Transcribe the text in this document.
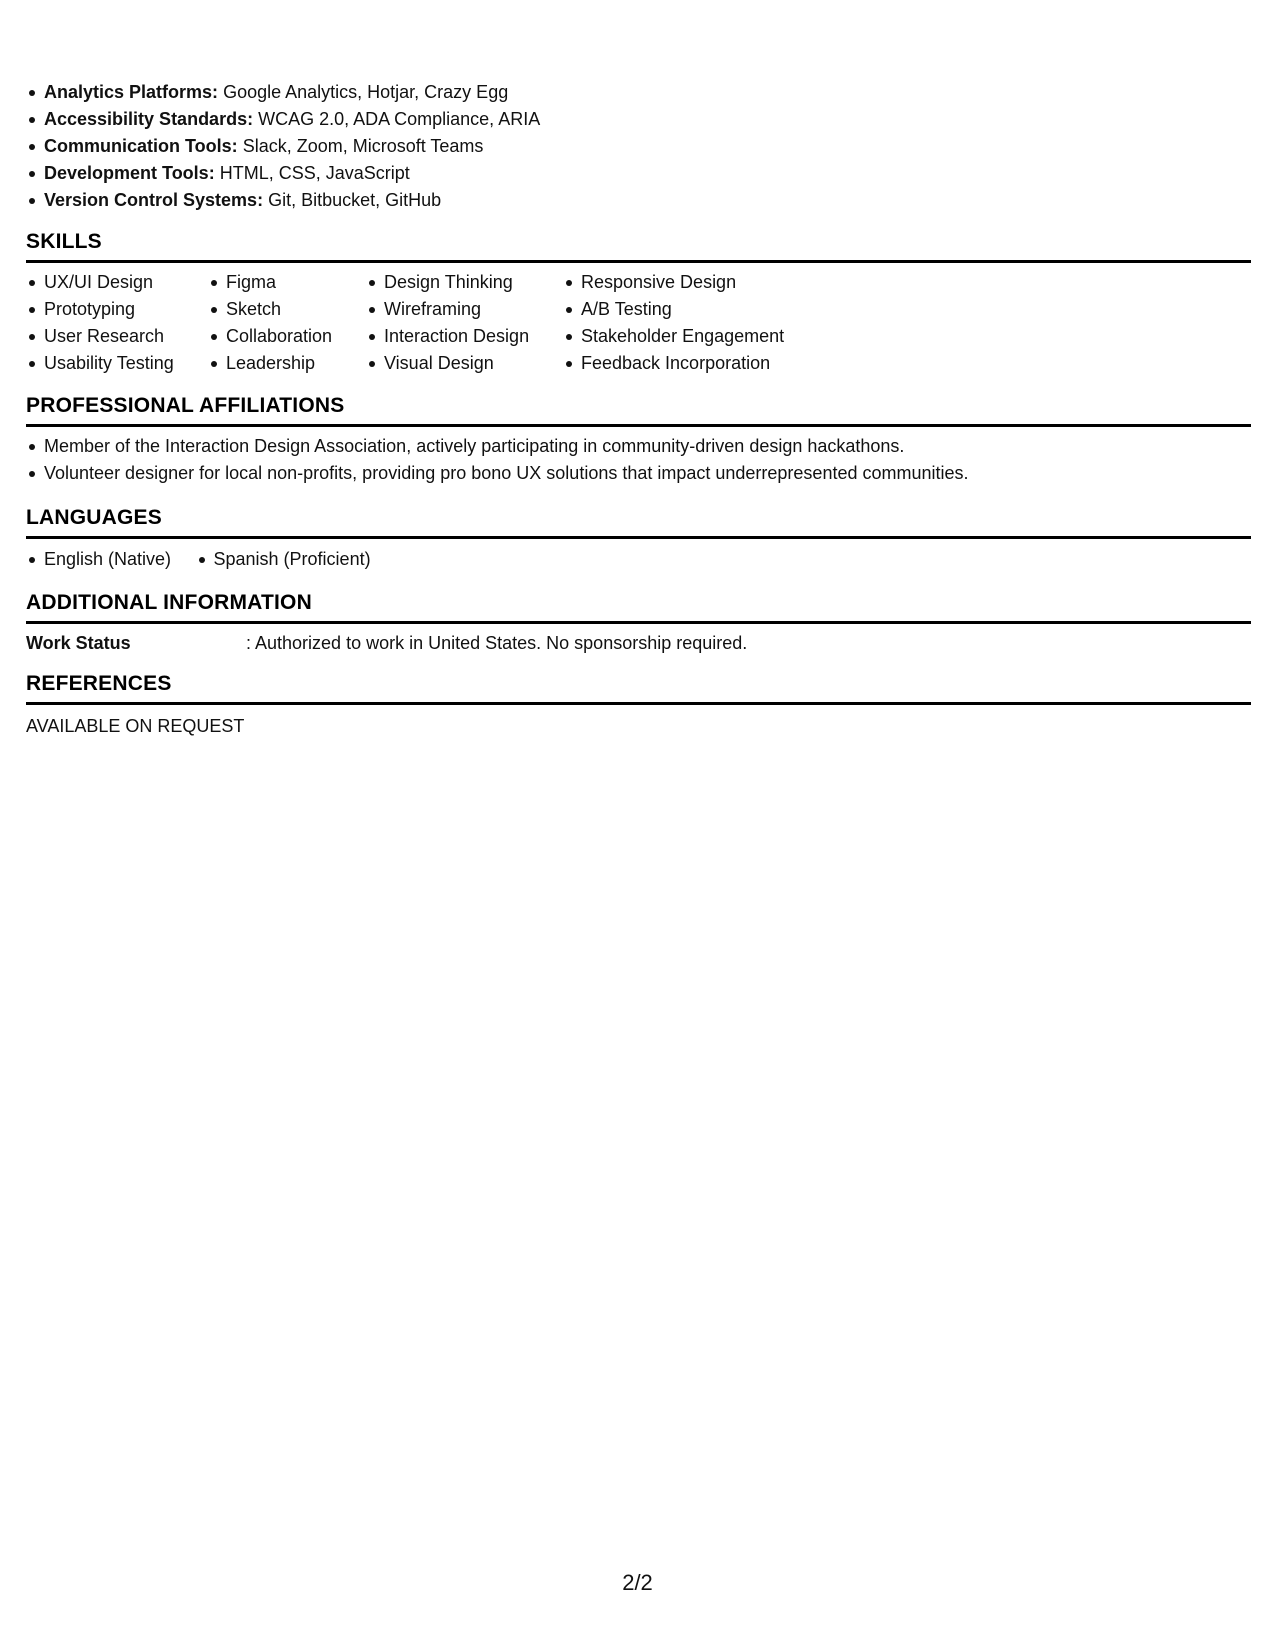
Analytics Platforms: Google Analytics, Hotjar, Crazy Egg
Accessibility Standards: WCAG 2.0, ADA Compliance, ARIA
Communication Tools: Slack, Zoom, Microsoft Teams
Development Tools: HTML, CSS, JavaScript
Version Control Systems: Git, Bitbucket, GitHub
SKILLS
UX/UI Design
Prototyping
User Research
Usability Testing
Figma
Sketch
Collaboration
Leadership
Design Thinking
Wireframing
Interaction Design
Visual Design
Responsive Design
A/B Testing
Stakeholder Engagement
Feedback Incorporation
PROFESSIONAL AFFILIATIONS
Member of the Interaction Design Association, actively participating in community-driven design hackathons.
Volunteer designer for local non-profits, providing pro bono UX solutions that impact underrepresented communities.
LANGUAGES
English (Native) Spanish (Proficient)
ADDITIONAL INFORMATION
Work Status	: Authorized to work in United States. No sponsorship required.
REFERENCES
AVAILABLE ON REQUEST
2/2
